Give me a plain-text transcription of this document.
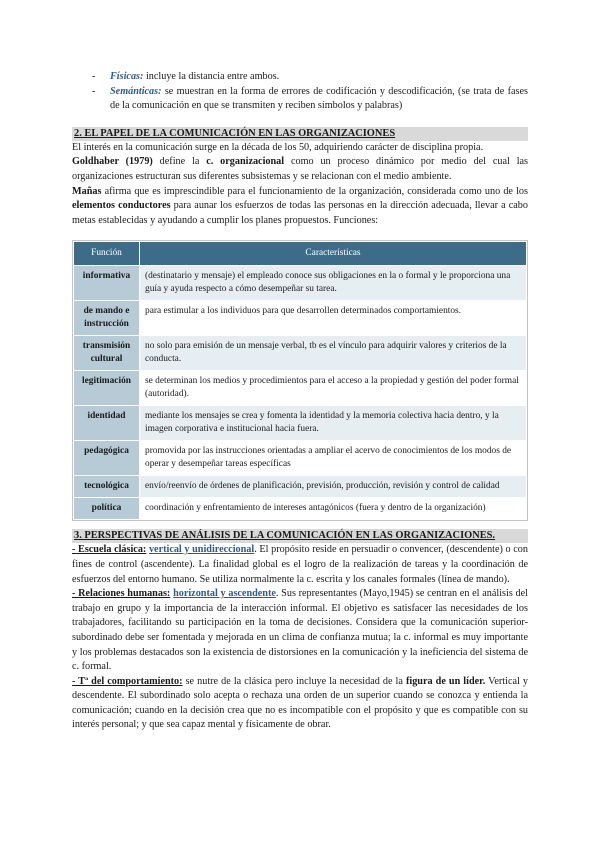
- Físicas: incluye la distancia entre ambos.
- Semánticas: se muestran en la forma de errores de codificación y descodificación, (se trata de fases de la comunicación en que se transmiten y reciben símbolos y palabras)
2. EL PAPEL DE LA COMUNICACIÓN EN LAS ORGANIZACIONES

El interés en la comunicación surge en la década de los 50, adquiriendo carácter de disciplina propia.

Goldhaber (1979) define la c. organizacional como un proceso dinámico por medio del cual las organizaciones estructuran sus diferentes subsistemas y se relacionan con el medio ambiente.

Mañas afirma que es imprescindible para el funcionamiento de la organización, considerada como uno de los elementos conductores para aunar los esfuerzos de todas las personas en la dirección adecuada, llevar a cabo metas establecidas y ayudando a cumplir los planes propuestos. Funciones:

Función	Características
informativa	(destinatario y mensaje) el empleado conoce sus obligaciones en la o formal y le proporciona una guía y ayuda respecto a cómo desempeñar su tarea.
de mando e instrucción	para estimular a los individuos para que desarrollen determinados comportamientos.
transmisión cultural	no solo para emisión de un mensaje verbal, tb es el vínculo para adquirir valores y criterios de la conducta.
legitimación	se determinan los medios y procedimientos para el acceso a la propiedad y gestión del poder formal (autoridad).
identidad	mediante los mensajes se crea y fomenta la identidad y la memoria colectiva hacia dentro, y la imagen corporativa e institucional hacia fuera.
pedagógica	promovida por las instrucciones orientadas a ampliar el acervo de conocimientos de los modos de operar y desempeñar tareas específicas
tecnológica	envío/reenvío de órdenes de planificación, previsión, producción, revisión y control de calidad
política	coordinación y enfrentamiento de intereses antagónicos (fuera y dentro de la organización)
3. PERSPECTIVAS DE ANÁLISIS DE LA COMUNICACIÓN EN LAS ORGANIZACIONES.

- Escuela clásica: vertical y unidireccional. El propósito reside en persuadir o convencer, (descendente) o con fines de control (ascendente). La finalidad global es el logro de la realización de tareas y la coordinación de esfuerzos del entorno humano. Se utiliza normalmente la c. escrita y los canales formales (línea de mando).

- Relaciones humanas: horizontal y ascendente. Sus representantes (Mayo,1945) se centran en el análisis del trabajo en grupo y la importancia de la interacción informal. El objetivo es satisfacer las necesidades de los trabajadores, facilitando su participación en la toma de decisiones. Considera que la comunicación superior-subordinado debe ser fomentada y mejorada en un clima de confianza mutua; la c. informal es muy importante y los problemas destacados son la existencia de distorsiones en la comunicación y la ineficiencia del sistema de c. formal.

- Tª del comportamiento: se nutre de la clásica pero incluye la necesidad de la figura de un líder. Vertical y descendente. El subordinado solo acepta o rechaza una orden de un superior cuando se conozca y entienda la comunicación; cuando en la decisión crea que no es incompatible con el propósito y que es compatible con su interés personal; y que sea capaz mental y físicamente de obrar.
